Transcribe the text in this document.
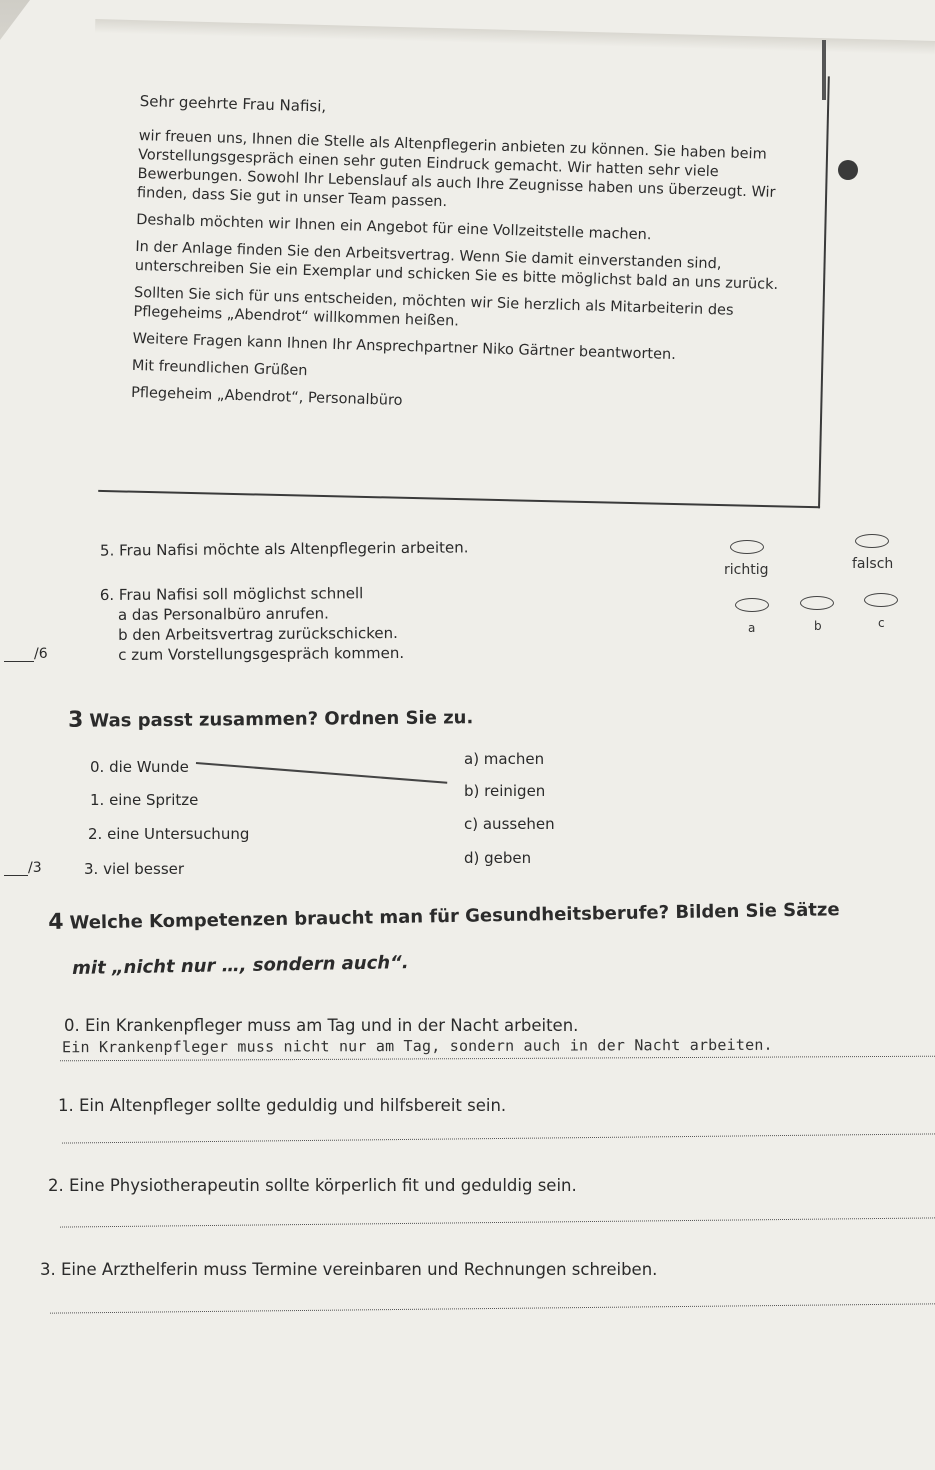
Sehr geehrte Frau Nafisi,

wir freuen uns, Ihnen die Stelle als Altenpflegerin anbieten zu können. Sie haben beim Vorstellungsgespräch einen sehr guten Eindruck gemacht. Wir hatten sehr viele Bewerbungen. Sowohl Ihr Lebenslauf als auch Ihre Zeugnisse haben uns überzeugt. Wir finden, dass Sie gut in unser Team passen.

Deshalb möchten wir Ihnen ein Angebot für eine Vollzeitstelle machen.

In der Anlage finden Sie den Arbeitsvertrag. Wenn Sie damit einverstanden sind, unterschreiben Sie ein Exemplar und schicken Sie es bitte möglichst bald an uns zurück.

Sollten Sie sich für uns entscheiden, möchten wir Sie herzlich als Mitarbeiterin des Pflegeheims „Abendrot“ willkommen heißen.

Weitere Fragen kann Ihnen Ihr Ansprechpartner Niko Gärtner beantworten.

Mit freundlichen Grüßen

Pflegeheim „Abendrot“, Personalbüro

5. Frau Nafisi möchte als Altenpflegerin arbeiten.
richtig	falsch
6. Frau Nafisi soll möglichst schnell
a das Personalbüro anrufen.
b den Arbeitsvertrag zurückschicken.
c zum Vorstellungsgespräch kommen.
a	b	c
/6
3 Was passt zusammen? Ordnen Sie zu.
0. die Wunde
1. eine Spritze
2. eine Untersuchung
3. viel besser
a) machen
b) reinigen
c) aussehen
d) geben
/3
4 Welche Kompetenzen braucht man für Gesundheitsberufe? Bilden Sie Sätze
mit „nicht nur …, sondern auch“.
0. Ein Krankenpfleger muss am Tag und in der Nacht arbeiten.
Ein Krankenpfleger muss nicht nur am Tag, sondern auch in der Nacht arbeiten.
1. Ein Altenpfleger sollte geduldig und hilfsbereit sein.
2. Eine Physiotherapeutin sollte körperlich fit und geduldig sein.
3. Eine Arzthelferin muss Termine vereinbaren und Rechnungen schreiben.
